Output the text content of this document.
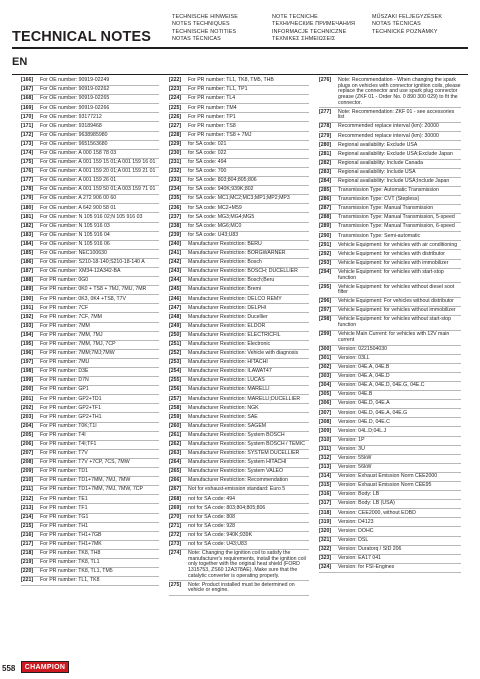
TECHNICAL NOTES
TECHNISCHE HINWEISE
NOTES TECHNIQUES
TECHNISCHE NOTITIES
NOTAS TÉCNICAS
NOTE TECNICHE
ТЕХНИЧЕСКИЕ ПРИМЕЧАНИЯ
INFORMACJE TECHNICZNE
ΤΕΧΝΙΚΕΣ ΣΗΜΕΙΩΣΕΙΣ
MŰSZAKI FELJEGYZÉSEK
NOTAS TÉCNICAS
TECHNICKÉ POZNÁMKY
EN
[166]	For OE number: 90919-02249
[167]	For OE number: 90919-02262
[168]	For OE number: 90919-02265
[169]	For OE number: 90919-02266
[170]	For OE number: 93177212
[171]	For OE number: 93189468
[172]	For OE number: 9638985980
[173]	For OE number: 9651563680
[174]	For OE number: A 000 158 78 03
[175]	For OE number: A 001 159 15 01;A 001 159 16 01
[176]	For OE number: A 001 159 20 01;A 001 159 21 01
[177]	For OE number: A 001 159 26 01
[178]	For OE number: A 001 159 50 01;A 003 159 71 01
[179]	For OE number: A 272 906 00 60
[180]	For OE number: A 642 900 58 01
[181]	For OE number: N 105 916 02;N 105 916 03
[182]	For OE number: N 105 916 03
[183]	For OE number: N 105 916 04
[184]	For OE number: N 105 916 06
[185]	For OE number: NEC100630
[186]	For OE number: S210-18-140;S210-18-140 A
[187]	For OE number: XM34-12A342-BA
[188]	For PR number: 0G0
[189]	For PR number: 0K0 + TS8 + 7MJ, 7MU, 7MR
[190]	For PR number: 0K3, 0K4 +TS8, T7V
[191]	For PR number: 7CF
[192]	For PR number: 7CF, 7MM
[193]	For PR number: 7MM
[194]	For PR number: 7MM, 7MJ
[195]	For PR number: 7MM, 7MJ, 7CP
[196]	For PR number: 7MM;7MJ;7MW
[197]	For PR number: 7MU
[198]	For PR number: D3E
[199]	For PR number: D7N
[200]	For PR number: GP1
[201]	For PR number: GP2+TD1
[202]	For PR number: GP2+TF1
[203]	For PR number: GP2+TH1
[204]	For PR number: T0K;T1I
[205]	For PR number: T4I
[206]	For PR number: T4I;TF1
[207]	For PR number: T7V
[208]	For PR number: T7V +7CP, 7CS, 7MW
[209]	For PR number: TD1
[210]	For PR number: TD1+7MM, 7MJ, 7MW
[211]	For PR number: TD1+7MM, 7MJ, 7MW, 7CP
[212]	For PR number: TE1
[213]	For PR number: TF1
[214]	For PR number: TG1
[215]	For PR number: TH1
[216]	For PR number: TH1+7GB
[217]	For PR number: TH1+7MK
[218]	For PR number: TK8, TH8
[219]	For PR number: TK8, TL1
[220]	For PR number: TK8, TL1, TM5
[221]	For PR number: TL1, TK8
[222]	For PR number: TL1, TK8, TM5, THB
[223]	For PR number: TL1, TP1
[224]	For PR number: TL4
[225]	For PR number: TM4
[226]	For PR number: TP1
[227]	For PR number: TS8
[228]	For PR number: TS8 + 7MJ
[229]	for SA code: 021
[230]	for SA code: 022
[231]	for SA code: 494
[232]	for SA code: 700
[233]	for SA code: 803;804;805;806
[234]	for SA code: 940K;939K;802
[235]	for SA code: MC1;MC2;MC3;MP1;MP2;MP3
[236]	for SA code: MC2+M59
[237]	for SA code: MG3;MG4;MG5
[238]	for SA code: MG6;MC0
[239]	for SA code: U43;U83
[240]	Manufacturer Restriction: BERU
[241]	Manufacturer Restriction: BORGWARNER
[242]	Manufacturer Restriction: Bosch
[243]	Manufacturer Restriction: BOSCH; DUCELLIER
[244]	Manufacturer Restriction: Bosch;Beru
[245]	Manufacturer Restriction: Bremi
[246]	Manufacturer Restriction: DELCO REMY
[247]	Manufacturer Restriction: DELPHI
[248]	Manufacturer Restriction: Ducellier
[249]	Manufacturer Restriction: ELDOR
[250]	Manufacturer Restriction: ELECTRICFIL
[251]	Manufacturer Restriction: Electronic
[252]	Manufacturer Restriction: Vehicle with diagnosis
[253]	Manufacturer Restriction: HITACHI
[254]	Manufacturer Restriction: ILAWAT47
[255]	Manufacturer Restriction: LUCAS
[256]	Manufacturer Restriction: MARELLI
[257]	Manufacturer Restriction: MARELLI;DUCELLIER
[258]	Manufacturer Restriction: NGK
[259]	Manufacturer Restriction: SAE
[260]	Manufacturer Restriction: SAGEM
[261]	Manufacturer Restriction: System BOSCH
[262]	Manufacturer Restriction: System BOSCH / TEMIC
[263]	Manufacturer Restriction: SYSTEM DUCELLIER
[264]	Manufacturer Restriction: System HITACHI
[265]	Manufacturer Restriction: System VALEO
[266]	Manufacturer Restriction: Recommendation
[267]	Not for exhaust-emission standard: Euro 5
[268]	not for SA code: 494
[269]	not for SA code: 803;804;805;806
[270]	not for SA code: 808
[271]	not for SA code: 928
[272]	not for SA code: 940K;939K
[273]	not for SA code: U43;U83
[274]	Note: Changing the ignition coil to satisfy the manufacturer's requirements, install the ignition coil only together with the original heat shield (FORD 1315753, ZS60 12A378AE). Make sure that the catalytic converter is operating properly.
[275]	Note: Product installed must be determined on vehicle or engine.
[276]	Note: Recommendation - When changing the spark plugs on vehicles with connector ignition coils, please replace the connector and use spark plug connector grease (ZKF 01 - Order No. 0 890 300 029) to fit the connector.
[277]	Note: Recommendation: ZKF 01 - see accessories list
[278]	Recommended replace interval (km): 20000
[279]	Recommended replace interval (km): 30000
[280]	Regional availability: Exclude USA
[281]	Regional availability: Exclude USA;Exclude Japan
[282]	Regional availability: Include Canada
[283]	Regional availability: Include USA
[284]	Regional availability: Include USA;Include Japan
[285]	Transmission Type: Automatic Transmission
[286]	Transmission Type: CVT (Stepless)
[287]	Transmission Type: Manual Transmission
[288]	Transmission Type: Manual Transmission, 5-speed
[289]	Transmission Type: Manual Transmission, 6-speed
[290]	Transmission Type: Semi-automatic
[291]	Vehicle Equipment: for vehicles with air conditioning
[292]	Vehicle Equipment: for vehicles with distributor
[293]	Vehicle Equipment: for vehicles with immobilizer
[294]	Vehicle Equipment: for vehicles with start-stop function
[295]	Vehicle Equipment: for vehicles without diesel soot filter
[296]	Vehicle Equipment: For vehicles without distributor
[297]	Vehicle Equipment: for vehicles without immobilizer
[298]	Vehicle Equipment: for vehicles without start-stop function
[299]	Vehicle Main Current: for vehicles with 12V main current
[300]	Version: 0221504030
[301]	Version: 03LL
[302]	Version: 04E.A, 04E.B
[303]	Version: 04E.A, 04E.D
[304]	Version: 04E.A, 04E.D, 04E.G, 04E.C
[305]	Version: 04E.B
[306]	Version: 04E.D, 04E.A
[307]	Version: 04E.D, 04E.A, 04E.G
[308]	Version: 04E.D, 04E.C
[309]	Version: 04L.D;04L.J
[310]	Version: 1P
[311]	Version: 3U
[312]	Version: 55kW
[313]	Version: 56kW
[314]	Version: Exhaust Emission Norm CEE2000
[315]	Version: Exhaust Emission Norm CEE95
[316]	Version: Body: LB
[317]	Version: Body: LB (USA)
[318]	Version: CEE2000, without EOBD
[319]	Version: D4123
[320]	Version: DOHC
[321]	Version: DSL
[322]	Version: Duratorq / SID 206
[323]	Version: EA17 041
[324]	Version: for FSI-Engines
558 CHAMPION
